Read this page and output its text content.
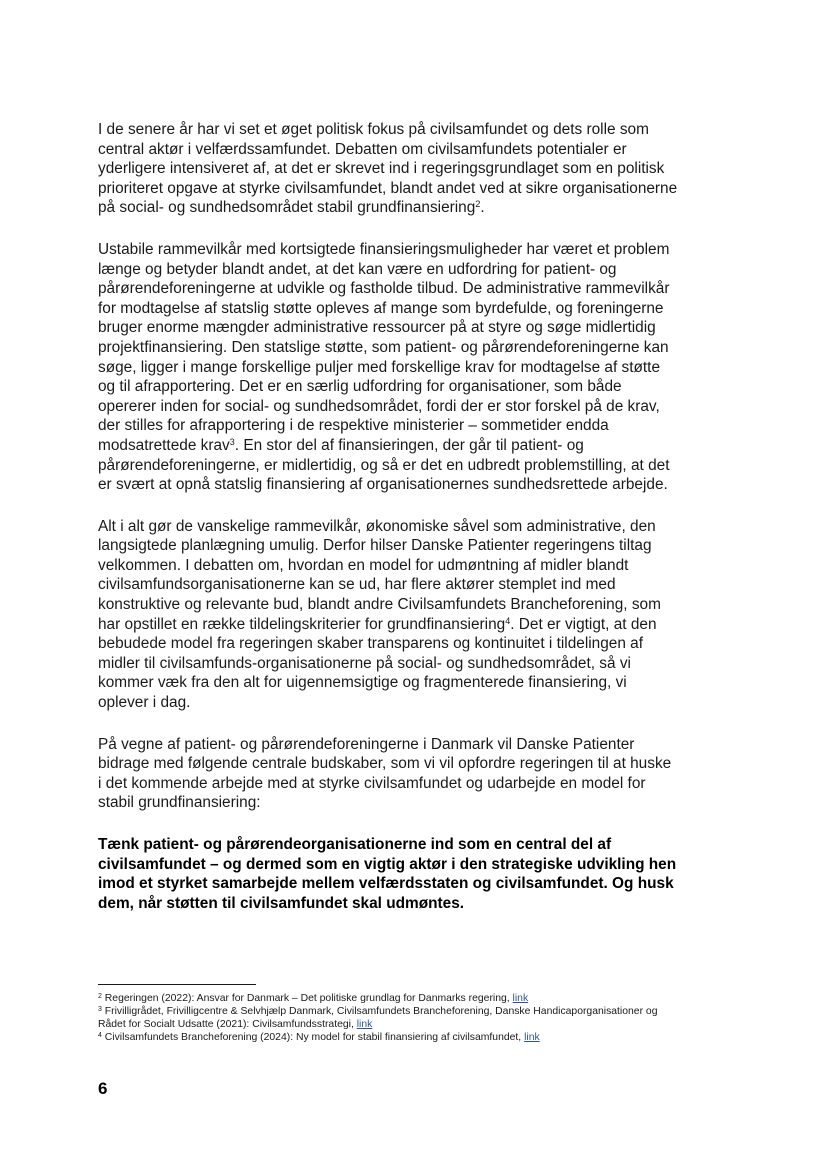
I de senere år har vi set et øget politisk fokus på civilsamfundet og dets rolle som central aktør i velfærdssamfundet. Debatten om civilsamfundets potentialer er yderligere intensiveret af, at det er skrevet ind i regeringsgrundlaget som en politisk prioriteret opgave at styrke civilsamfundet, blandt andet ved at sikre organisationerne på social- og sundhedsområdet stabil grundfinansiering$^2$.

Ustabile rammevilkår med kortsigtede finansieringsmuligheder har været et problem længe og betyder blandt andet, at det kan være en udfordring for patient- og pårørendeforeningerne at udvikle og fastholde tilbud. De administrative rammevilkår for modtagelse af statslig støtte opleves af mange som byrdefulde, og foreningerne bruger enorme mængder administrative ressourcer på at styre og søge midlertidig projektfinansiering. Den statslige støtte, som patient- og pårørendeforeningerne kan søge, ligger i mange forskellige puljer med forskellige krav for modtagelse af støtte og til afrapportering. Det er en særlig udfordring for organisationer, som både opererer inden for social- og sundhedsområdet, fordi der er stor forskel på de krav, der stilles for afrapportering i de respektive ministerier – sommetider endda modsatrettede krav$^3$. En stor del af finansieringen, der går til patient- og pårørendeforeningerne, er midlertidig, og så er det en udbredt problemstilling, at det er svært at opnå statslig finansiering af organisationernes sundhedsrettede arbejde.

Alt i alt gør de vanskelige rammevilkår, økonomiske såvel som administrative, den langsigtede planlægning umulig. Derfor hilser Danske Patienter regeringens tiltag velkommen. I debatten om, hvordan en model for udmøntning af midler blandt civilsamfundsorganisationerne kan se ud, har flere aktører stemplet ind med konstruktive og relevante bud, blandt andre Civilsamfundets Brancheforening, som har opstillet en række tildelingskriterier for grundfinansiering$^4$. Det er vigtigt, at den bebudede model fra regeringen skaber transparens og kontinuitet i tildelingen af midler til civilsamfunds-organisationerne på social- og sundhedsområdet, så vi kommer væk fra den alt for uigennemsigtige og fragmenterede finansiering, vi oplever i dag.

På vegne af patient- og pårørendeforeningerne i Danmark vil Danske Patienter bidrage med følgende centrale budskaber, som vi vil opfordre regeringen til at huske i det kommende arbejde med at styrke civilsamfundet og udarbejde en model for stabil grundfinansiering:

Tænk patient- og pårørendeorganisationerne ind som en central del af civilsamfundet – og dermed som en vigtig aktør i den strategiske udvikling hen imod et styrket samarbejde mellem velfærdsstaten og civilsamfundet. Og husk dem, når støtten til civilsamfundet skal udmøntes.

$^2$ Regeringen (2022): Ansvar for Danmark – Det politiske grundlag for Danmarks regering, link

$^3$ Frivilligrådet, Frivilligcentre & Selvhjælp Danmark, Civilsamfundets Brancheforening, Danske Handicaporganisationer og Rådet for Socialt Udsatte (2021): Civilsamfundsstrategi, link

$^4$ Civilsamfundets Brancheforening (2024): Ny model for stabil finansiering af civilsamfundet, link

6
